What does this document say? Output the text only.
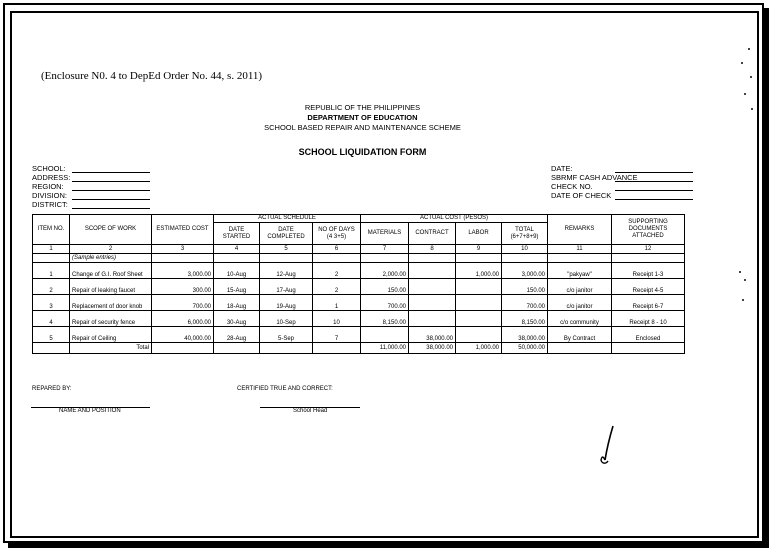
(Enclosure N0. 4 to DepEd Order No. 44, s. 2011)
REPUBLIC OF THE PHILIPPINES
DEPARTMENT OF EDUCATION
SCHOOL BASED REPAIR AND MAINTENANCE SCHEME
SCHOOL LIQUIDATION FORM
SCHOOL:
ADDRESS:
REGION:
DIVISION:
DISTRICT:
DATE:
SBRMF CASH ADVANCE
CHECK NO.
DATE OF CHECK
ITEM NO.	SCOPE OF WORK	ESTIMATED COST	ACTUAL SCHEDULE			ACTUAL COST (PESOS)				REMARKS	SUPPORTING DOCUMENTS ATTACHED
			DATE STARTED	DATE COMPLETED	NO OF DAYS (4 3+5)	MATERIALS	CONTRACT	LABOR	TOTAL (6+7+8+9)		
1	2	3	4	5	6	7	8	9	10	11	12
	(Sample entries)										
1	Change of G.I. Roof Sheet	3,000.00	10-Aug	12-Aug	2	2,000.00		1,000.00	3,000.00	"pakyaw"	Receipt 1-3
2	Repair of leaking faucet	300.00	15-Aug	17-Aug	2	150.00			150.00	c/o janitor	Receipt 4-5
3	Replacement of door knob	700.00	18-Aug	19-Aug	1	700.00			700.00	c/o janitor	Receipt 6-7
4	Repair of security fence	6,000.00	30-Aug	10-Sep	10	8,150.00			8,150.00	c/o community	Receipt 8 - 10
5	Repair of Ceiling	40,000.00	28-Aug	5-Sep	7		38,000.00		38,000.00	By Contract	Enclosed
	Total					11,000.00	38,000.00	1,000.00	50,000.00		
REPARED BY:
NAME AND POSITION
CERTIFIED TRUE AND CORRECT:
School Head
